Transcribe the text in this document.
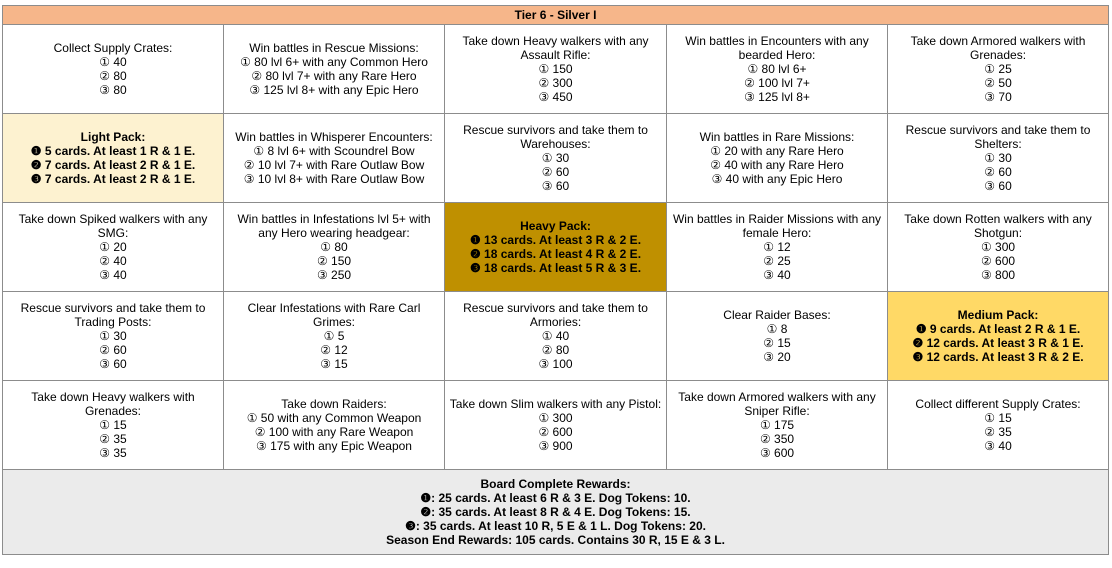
Tier 6 - Silver I				

Collect Supply Crates:
① 40
② 80
③ 80	Win battles in Rescue Missions:
① 80 lvl 6+ with any Common Hero
② 80 lvl 7+ with any Rare Hero
③ 125 lvl 8+ with any Epic Hero	Take down Heavy walkers with any
Assault Rifle:
① 150
② 300
③ 450	Win battles in Encounters with any
bearded Hero:
① 80 lvl 6+
② 100 lvl 7+
③ 125 lvl 8+	Take down Armored walkers with
Grenades:
① 25
② 50
③ 70

Light Pack:
❶ 5 cards. At least 1 R & 1 E.
❷ 7 cards. At least 2 R & 1 E.
❸ 7 cards. At least 2 R & 1 E.	Win battles in Whisperer Encounters:
① 8 lvl 6+ with Scoundrel Bow
② 10 lvl 7+ with Rare Outlaw Bow
③ 10 lvl 8+ with Rare Outlaw Bow	Rescue survivors and take them to
Warehouses:
① 30
② 60
③ 60	Win battles in Rare Missions:
① 20 with any Rare Hero
② 40 with any Rare Hero
③ 40 with any Epic Hero	Rescue survivors and take them to
Shelters:
① 30
② 60
③ 60

Take down Spiked walkers with any
SMG:
① 20
② 40
③ 40	Win battles in Infestations lvl 5+ with
any Hero wearing headgear:
① 80
② 150
③ 250	Heavy Pack:
❶ 13 cards. At least 3 R & 2 E.
❷ 18 cards. At least 4 R & 2 E.
❸ 18 cards. At least 5 R & 3 E.	Win battles in Raider Missions with any
female Hero:
① 12
② 25
③ 40	Take down Rotten walkers with any
Shotgun:
① 300
② 600
③ 800

Rescue survivors and take them to
Trading Posts:
① 30
② 60
③ 60	Clear Infestations with Rare Carl
Grimes:
① 5
② 12
③ 15	Rescue survivors and take them to
Armories:
① 40
② 80
③ 100	Clear Raider Bases:
① 8
② 15
③ 20	Medium Pack:
❶ 9 cards. At least 2 R & 1 E.
❷ 12 cards. At least 3 R & 1 E.
❸ 12 cards. At least 3 R & 2 E.

Take down Heavy walkers with
Grenades:
① 15
② 35
③ 35	Take down Raiders:
① 50 with any Common Weapon
② 100 with any Rare Weapon
③ 175 with any Epic Weapon	Take down Slim walkers with any Pistol:
① 300
② 600
③ 900	Take down Armored walkers with any
Sniper Rifle:
① 175
② 350
③ 600	Collect different Supply Crates:
① 15
② 35
③ 40

Board Complete Rewards:
❶: 25 cards. At least 6 R & 3 E. Dog Tokens: 10.
❷: 35 cards. At least 8 R & 4 E. Dog Tokens: 15.
❸: 35 cards. At least 10 R, 5 E & 1 L. Dog Tokens: 20.
Season End Rewards: 105 cards. Contains 30 R, 15 E & 3 L.				
